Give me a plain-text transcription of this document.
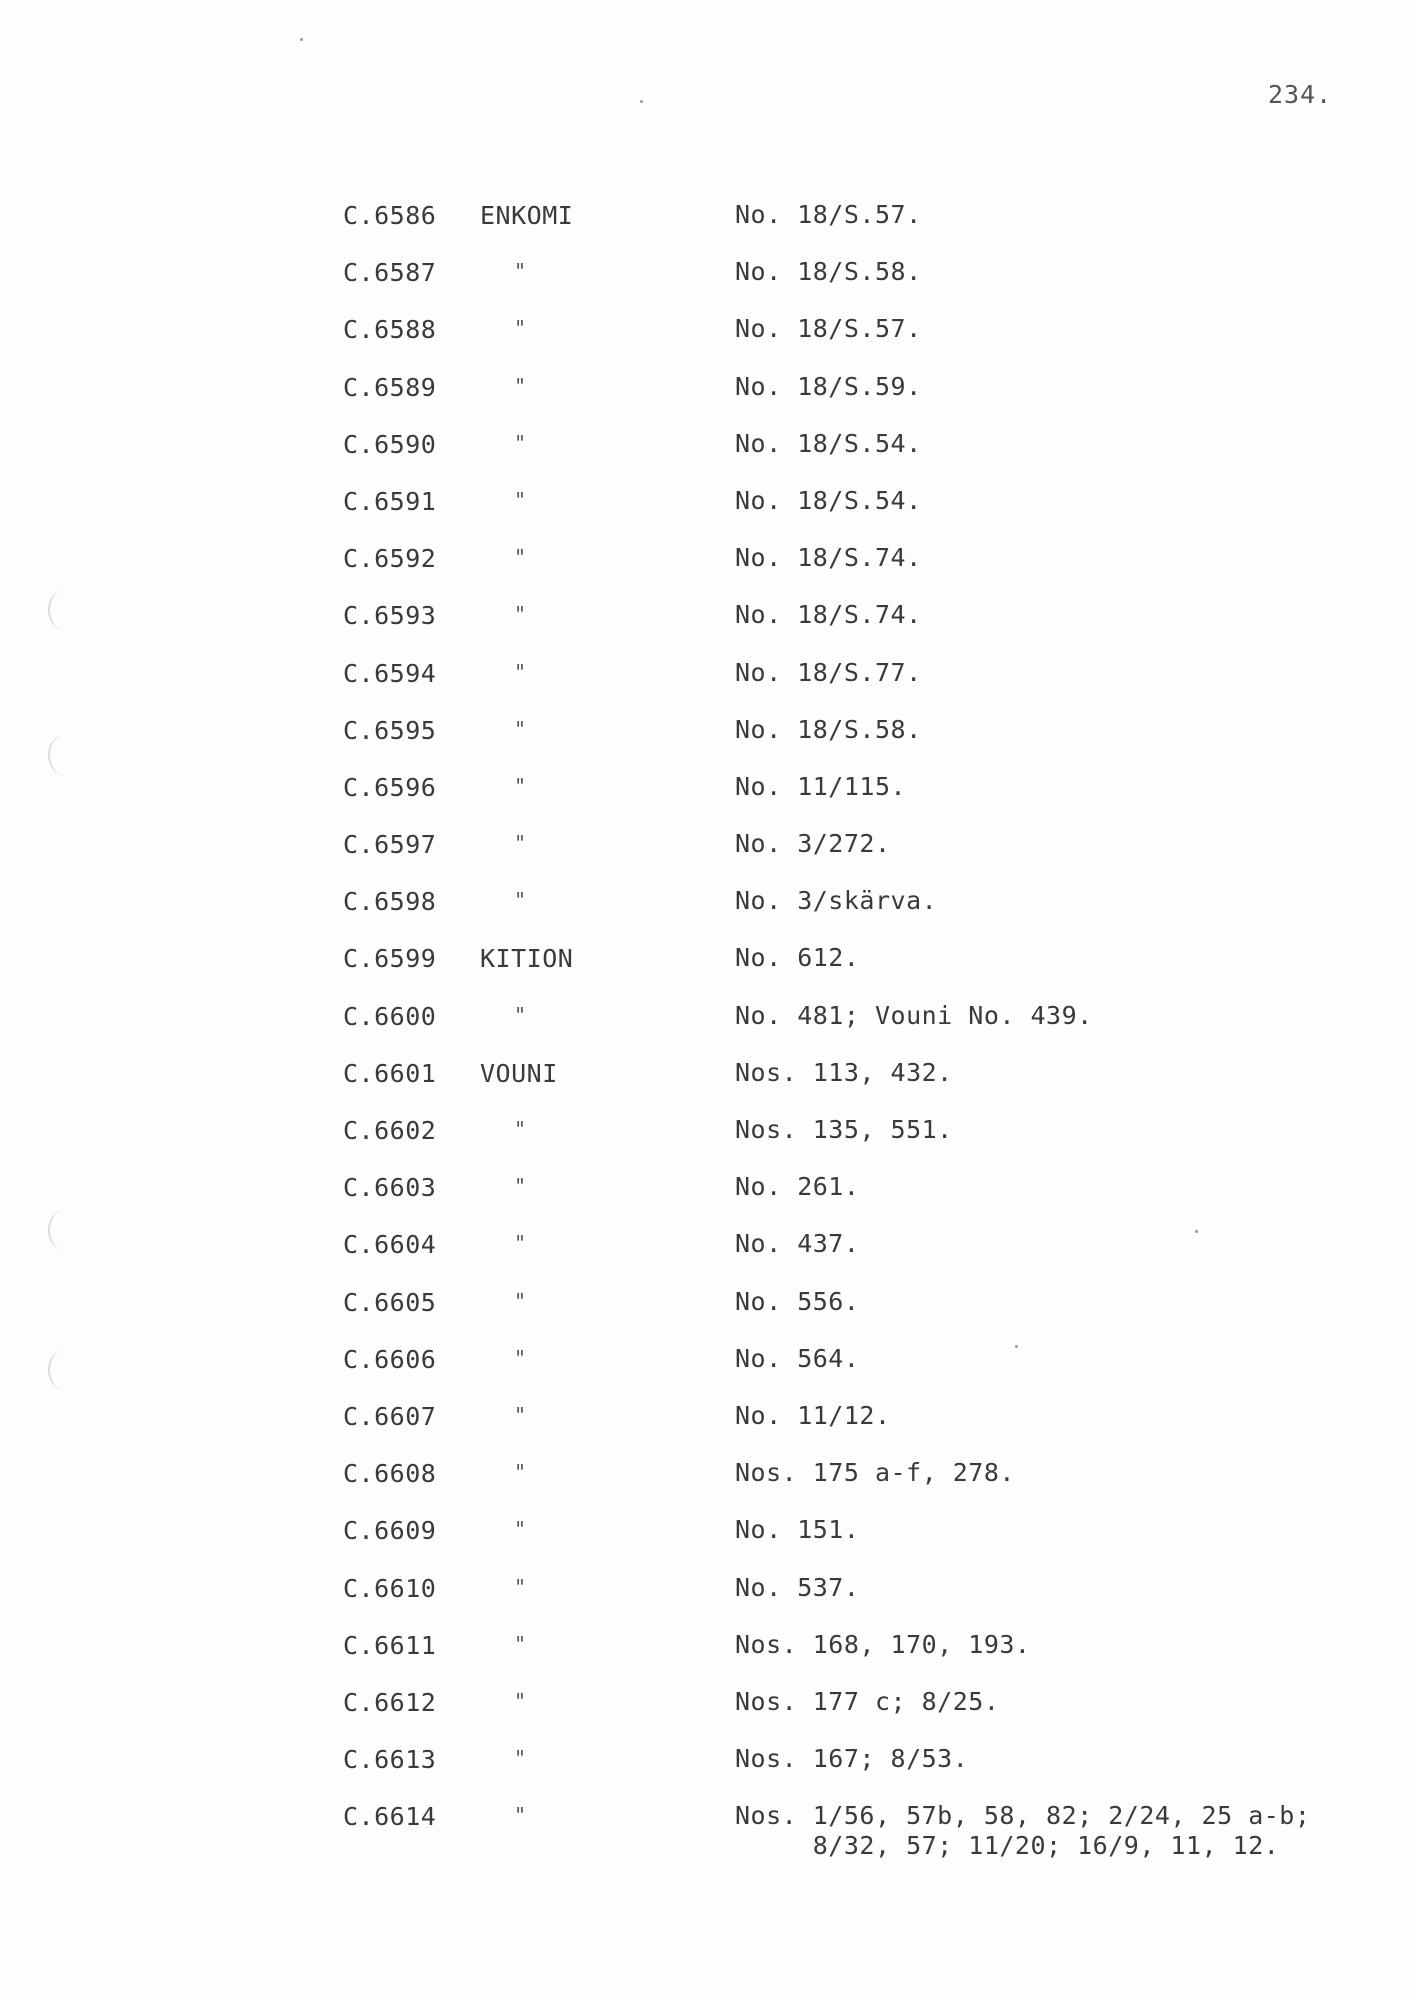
234.
C.6586 ENKOMI	No. 18/S.57.
C.6587	"	No. 18/S.58.
C.6588	"	No. 18/S.57.
C.6589	"	No. 18/S.59.
C.6590	"	No. 18/S.54.
C.6591	"	No. 18/S.54.
C.6592	"	No. 18/S.74.
C.6593	"	No. 18/S.74.
C.6594	"	No. 18/S.77.
C.6595	"	No. 18/S.58.
C.6596	"	No. 11/115.
C.6597	"	No. 3/272.
C.6598	"	No. 3/skärva.
C.6599 KITION	No. 612.
C.6600	"	No. 481; Vouni No. 439.
C.6601 VOUNI	Nos. 113, 432.
C.6602	"	Nos. 135, 551.
C.6603	"	No. 261.
C.6604	"	No. 437.
C.6605	"	No. 556.
C.6606	"	No. 564.
C.6607	"	No. 11/12.
C.6608	"	Nos. 175 a-f, 278.
C.6609	"	No. 151.
C.6610	"	No. 537.
C.6611	"	Nos. 168, 170, 193.
C.6612	"	Nos. 177 c; 8/25.
C.6613	"	Nos. 167; 8/53.
C.6614	"	Nos. 1/56, 57b, 58, 82; 2/24, 25 a-b;
8/32, 57; 11/20; 16/9, 11, 12.
